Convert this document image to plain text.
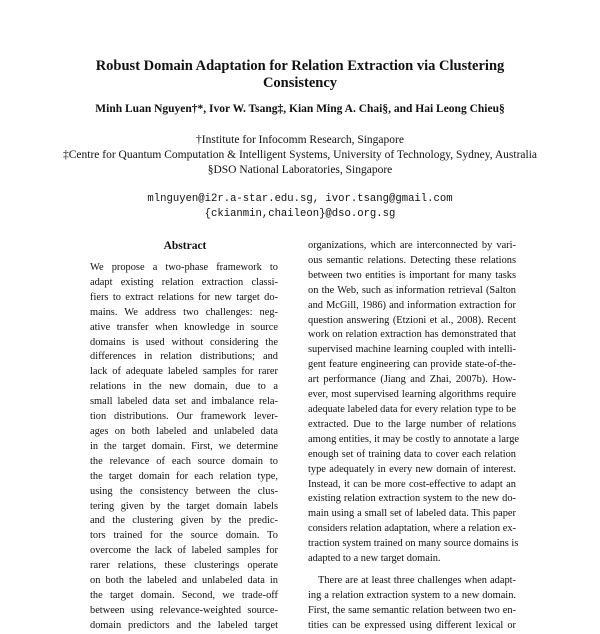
Robust Domain Adaptation for Relation Extraction via Clustering
Consistency
Minh Luan Nguyen†*, Ivor W. Tsang‡, Kian Ming A. Chai§, and Hai Leong Chieu§
†Institute for Infocomm Research, Singapore
‡Centre for Quantum Computation & Intelligent Systems, University of Technology, Sydney, Australia
§DSO National Laboratories, Singapore
mlnguyen@i2r.a-star.edu.sg, ivor.tsang@gmail.com
{ckianmin,chaileon}@dso.org.sg
Abstract
We propose a two-phase framework to
adapt existing relation extraction classi-
fiers to extract relations for new target do-
mains. We address two challenges: neg-
ative transfer when knowledge in source
domains is used without considering the
differences in relation distributions; and
lack of adequate labeled samples for rarer
relations in the new domain, due to a
small labeled data set and imbalance rela-
tion distributions. Our framework lever-
ages on both labeled and unlabeled data
in the target domain. First, we determine
the relevance of each source domain to
the target domain for each relation type,
using the consistency between the clus-
tering given by the target domain labels
and the clustering given by the predic-
tors trained for the source domain. To
overcome the lack of labeled samples for
rarer relations, these clusterings operate
on both the labeled and unlabeled data in
the target domain. Second, we trade-off
between using relevance-weighted source-
domain predictors and the labeled target
organizations, which are interconnected by vari-
ous semantic relations. Detecting these relations
between two entities is important for many tasks
on the Web, such as information retrieval (Salton
and McGill, 1986) and information extraction for
question answering (Etzioni et al., 2008). Recent
work on relation extraction has demonstrated that
supervised machine learning coupled with intelli-
gent feature engineering can provide state-of-the-
art performance (Jiang and Zhai, 2007b). How-
ever, most supervised learning algorithms require
adequate labeled data for every relation type to be
extracted. Due to the large number of relations
among entities, it may be costly to annotate a large
enough set of training data to cover each relation
type adequately in every new domain of interest.
Instead, it can be more cost-effective to adapt an
existing relation extraction system to the new do-
main using a small set of labeled data. This paper
considers relation adaptation, where a relation ex-
traction system trained on many source domains is
adapted to a new target domain.
There are at least three challenges when adapt-
ing a relation extraction system to a new domain.
First, the same semantic relation between two en-
tities can be expressed using different lexical or
